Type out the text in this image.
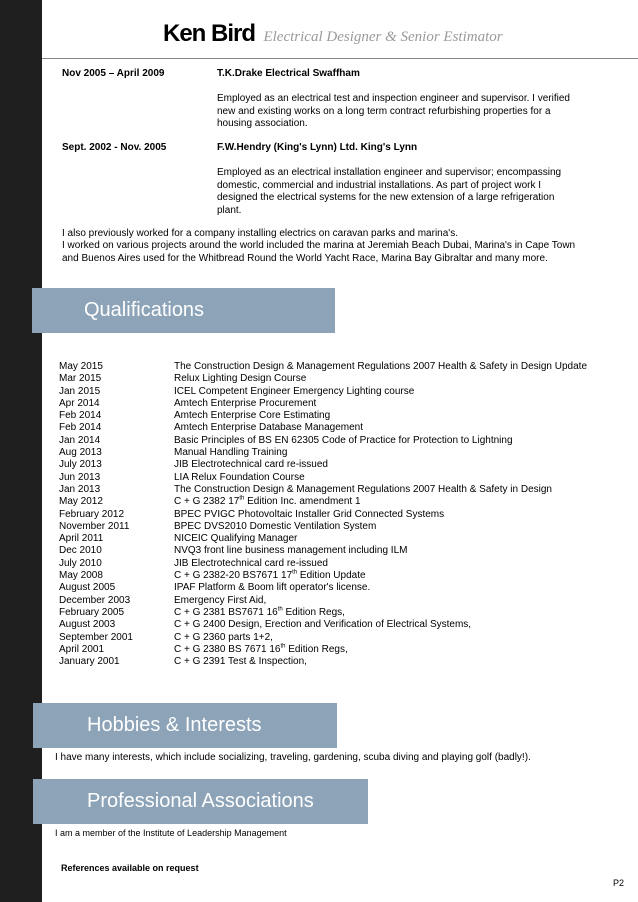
Ken Bird Electrical Designer & Senior Estimator
Nov 2005 – April 2009	T.K.Drake Electrical Swaffham
Employed as an electrical test and inspection engineer and supervisor. I verified new and existing works on a long term contract refurbishing properties for a housing association.
Sept. 2002 - Nov. 2005	F.W.Hendry (King's Lynn) Ltd. King's Lynn
Employed as an electrical installation engineer and supervisor; encompassing domestic, commercial and industrial installations. As part of project work I designed the electrical systems for the new extension of a large refrigeration plant.
I also previously worked for a company installing electrics on caravan parks and marina's.
I worked on various projects around the world included the marina at Jeremiah Beach Dubai, Marina's in Cape Town and Buenos Aires used for the Whitbread Round the World Yacht Race, Marina Bay Gibraltar and many more.
Qualifications
May 2015	The Construction Design & Management Regulations 2007 Health & Safety in Design Update
Mar 2015	Relux Lighting Design Course
Jan 2015	ICEL Competent Engineer Emergency Lighting course
Apr 2014	Amtech Enterprise Procurement
Feb 2014	Amtech Enterprise Core Estimating
Feb 2014	Amtech Enterprise Database Management
Jan 2014	Basic Principles of BS EN 62305 Code of Practice for Protection to Lightning
Aug 2013	Manual Handling Training
July 2013	JIB Electrotechnical card re-issued
Jun 2013	LIA Relux Foundation Course
Jan 2013	The Construction Design & Management Regulations 2007 Health & Safety in Design
May 2012	C + G 2382 17th Edition Inc. amendment 1
February 2012	BPEC PVIGC Photovoltaic Installer Grid Connected Systems
November 2011	BPEC DVS2010 Domestic Ventilation System
April 2011	NICEIC Qualifying Manager
Dec 2010	NVQ3 front line business management including ILM
July 2010	JIB Electrotechnical card re-issued
May 2008	C + G 2382-20 BS7671 17th Edition Update
August 2005	IPAF Platform & Boom lift operator's license.
December 2003	Emergency First Aid,
February 2005	C + G 2381 BS7671 16th Edition Regs,
August 2003	C + G 2400 Design, Erection and Verification of Electrical Systems,
September 2001	C + G 2360 parts 1+2,
April 2001	C + G 2380 BS 7671 16th Edition Regs,
January 2001	C + G 2391 Test & Inspection,
Hobbies & Interests
I have many interests, which include socializing, traveling, gardening, scuba diving and playing golf (badly!).
Professional Associations
I am a member of the Institute of Leadership Management
References available on request
P2
